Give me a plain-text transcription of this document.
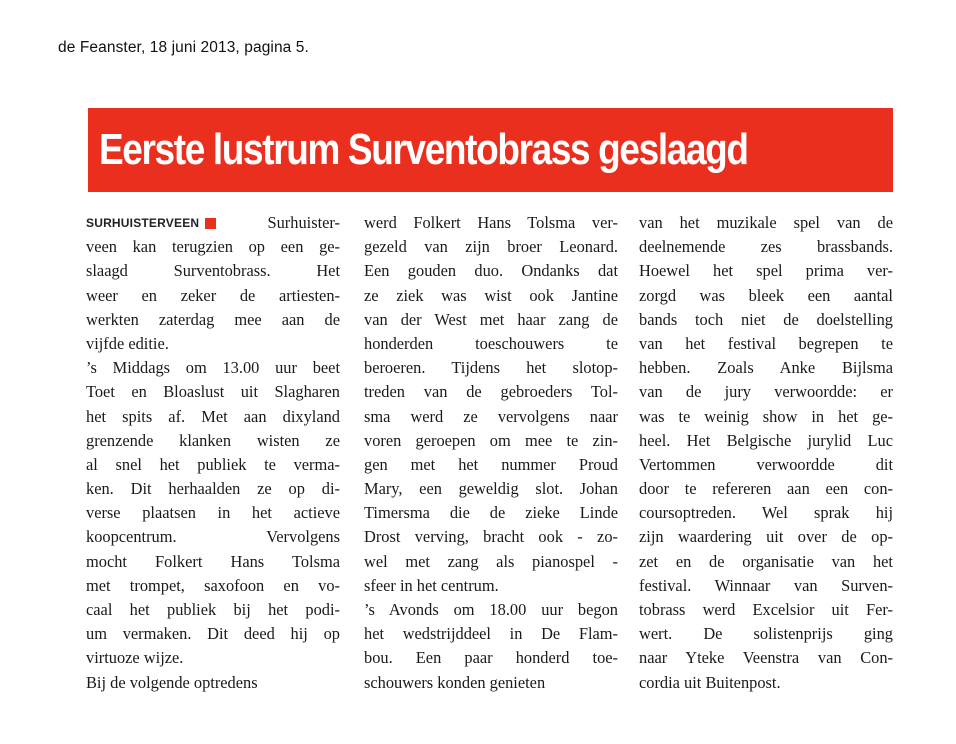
de Feanster, 18 juni 2013, pagina 5.
Eerste lustrum Surventobrass geslaagd
SURHUISTERVEEN	Surhuister-
veen kan terugzien op een ge-
slaagd Surventobrass. Het
weer en zeker de artiesten-
werkten zaterdag mee aan de
vijfde editie.
’s Middags om 13.00 uur beet
Toet en Bloaslust uit Slagharen
het spits af. Met aan dixyland
grenzende klanken wisten ze
al snel het publiek te verma-
ken. Dit herhaalden ze op di-
verse plaatsen in het actieve
koopcentrum. Vervolgens
mocht Folkert Hans Tolsma
met trompet, saxofoon en vo-
caal het publiek bij het podi-
um vermaken. Dit deed hij op
virtuoze wijze.
Bij de volgende optredens
werd Folkert Hans Tolsma ver-
gezeld van zijn broer Leonard.
Een gouden duo. Ondanks dat
ze ziek was wist ook Jantine
van der West met haar zang de
honderden toeschouwers te
beroeren. Tijdens het slotop-
treden van de gebroeders Tol-
sma werd ze vervolgens naar
voren geroepen om mee te zin-
gen met het nummer Proud
Mary, een geweldig slot. Johan
Timersma die de zieke Linde
Drost verving, bracht ook - zo-
wel met zang als pianospel -
sfeer in het centrum.
’s Avonds om 18.00 uur begon
het wedstrijddeel in De Flam-
bou. Een paar honderd toe-
schouwers konden genieten
van het muzikale spel van de
deelnemende zes brassbands.
Hoewel het spel prima ver-
zorgd was bleek een aantal
bands toch niet de doelstelling
van het festival begrepen te
hebben. Zoals Anke Bijlsma
van de jury verwoordde: er
was te weinig show in het ge-
heel. Het Belgische jurylid Luc
Vertommen verwoordde dit
door te refereren aan een con-
coursoptreden. Wel sprak hij
zijn waardering uit over de op-
zet en de organisatie van het
festival. Winnaar van Surven-
tobrass werd Excelsior uit Fer-
wert. De solistenprijs ging
naar Yteke Veenstra van Con-
cordia uit Buitenpost.
